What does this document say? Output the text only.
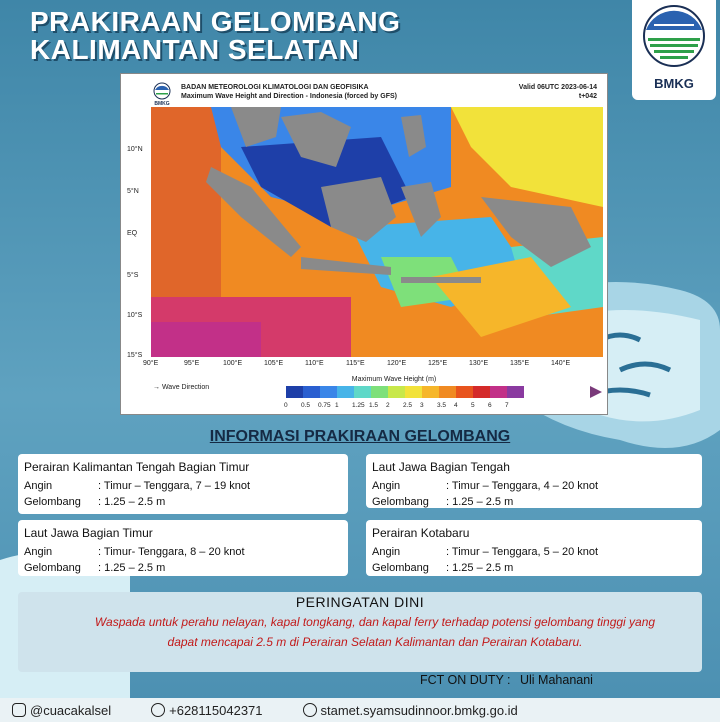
PRAKIRAAN GELOMBANG
KALIMANTAN SELATAN
BMKG
BMKG
BADAN METEOROLOGI KLIMATOLOGI DAN GEOFISIKA
Maximum Wave Height and Direction - Indonesia (forced by GFS)
Valid 06UTC 2023-06-14
t+042
10°N
5°N
EQ
5°S
10°S
15°S
90°E	95°E	100°E	105°E	110°E	115°E	120°E	125°E	130°E	135°E	140°E
→ Wave Direction
Maximum Wave Height (m)
0 0.5 0.75 1 1.25 1.5 2 2.5 3 3.5 4 5 6 7
INFORMASI PRAKIRAAN GELOMBANG
Perairan Kalimantan Tengah Bagian Timur
Angin	: Timur – Tenggara, 7 – 19 knot
Gelombang	: 1.25 – 2.5 m
Laut Jawa Bagian Tengah
Angin	: Timur – Tenggara, 4 – 20 knot
Gelombang	: 1.25 – 2.5 m
Laut Jawa Bagian Timur
Angin	: Timur- Tenggara, 8 – 20 knot
Gelombang	: 1.25 – 2.5 m
Perairan Kotabaru
Angin	: Timur – Tenggara, 5 – 20 knot
Gelombang	: 1.25 – 2.5 m
PERINGATAN DINI
Waspada untuk perahu nelayan, kapal tongkang, dan kapal ferry terhadap potensi gelombang tinggi yang dapat mencapai 2.5 m di Perairan Selatan Kalimantan dan Perairan Kotabaru.
FCT ON DUTY : Uli Mahanani
@cuacakalsel	+628115042371	stamet.syamsudinnoor.bmkg.go.id
